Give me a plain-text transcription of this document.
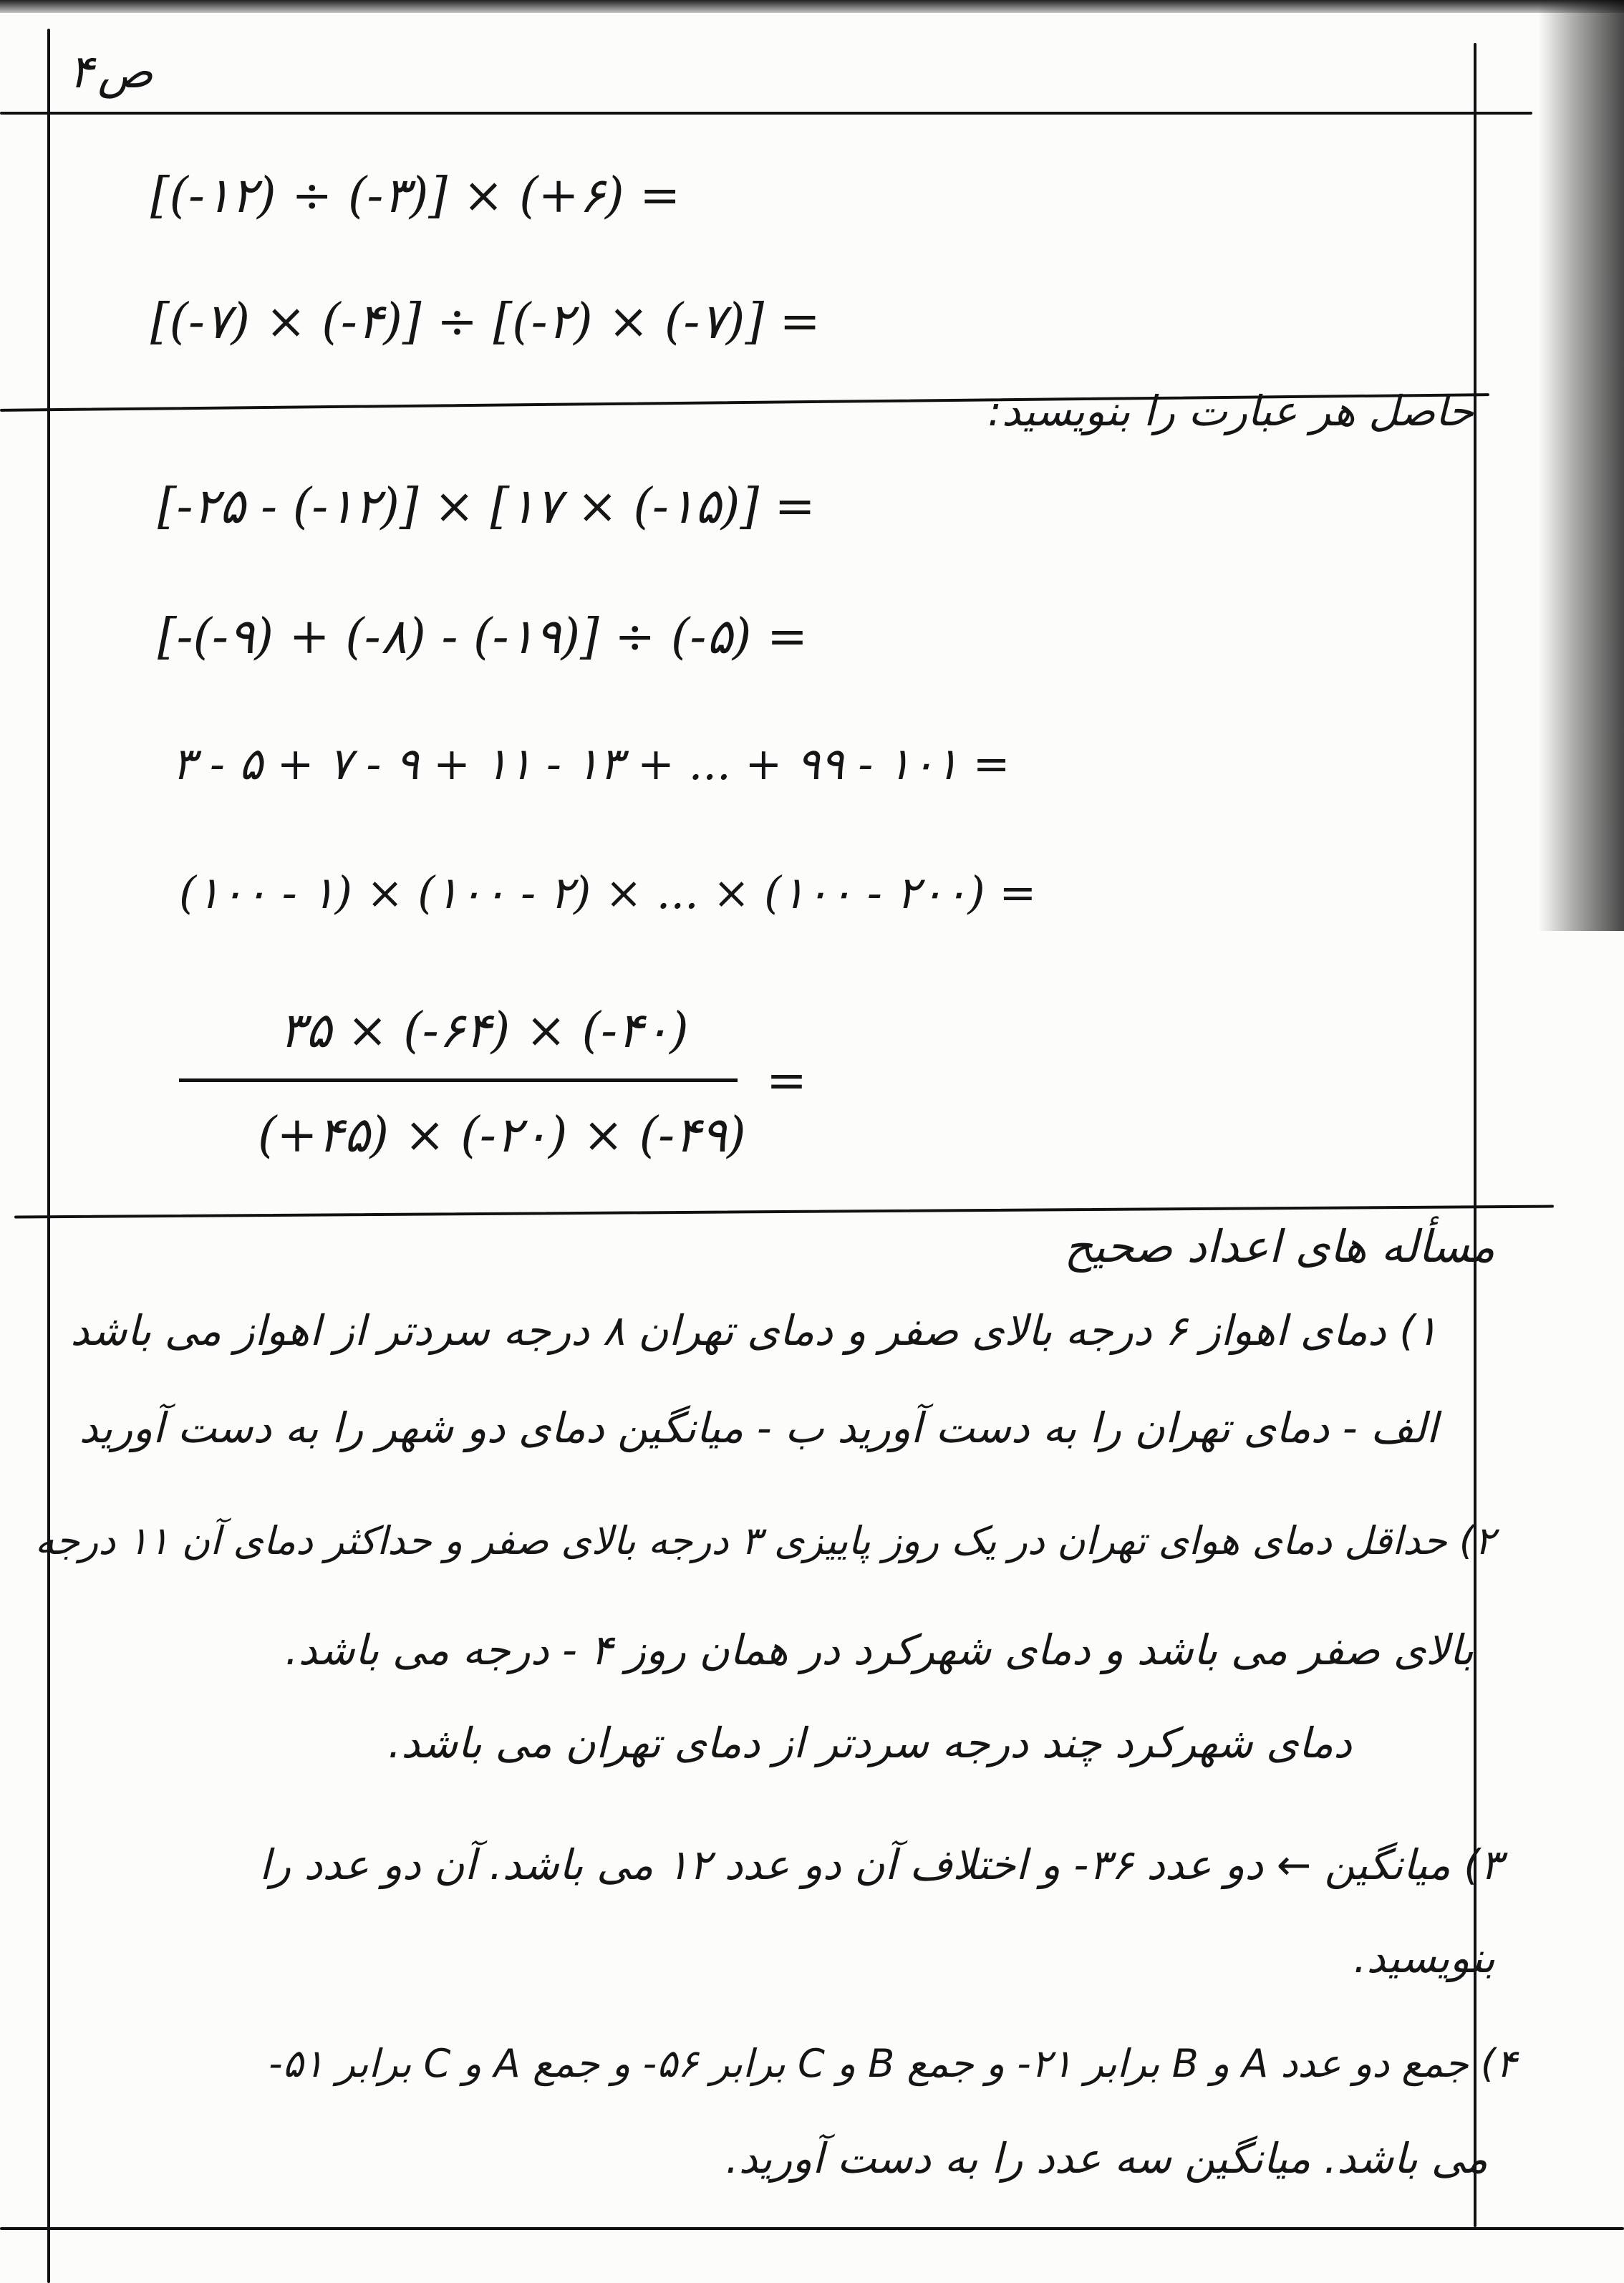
۴ص
[(-۱۲) ÷ (-۳)] × (+۶) =
[(-۷) × (-۴)] ÷ [(-۲) × (-۷)] =
حاصل هر عبارت را بنویسید:
[-۲۵ - (-۱۲)] × [۱۷ × (-۱۵)] =
[-(-۹) + (-۸) - (-۱۹)] ÷ (-۵) =
۳ - ۵ + ۷ - ۹ + ۱۱ - ۱۳ + ... + ۹۹ - ۱۰۱ =
(۱۰۰ - ۱) × (۱۰۰ - ۲) × ... × (۱۰۰ - ۲۰۰) =
۳۵ × (-۶۴) × (-۴۰)
(+۴۵) × (-۲۰) × (-۴۹)
=
مسأله های اعداد صحیح
۱) دمای اهواز ۶ درجه بالای صفر و دمای تهران ۸ درجه سردتر از اهواز می باشد
الف - دمای تهران را به دست آورید ب - میانگین دمای دو شهر را به دست آورید
۲) حداقل دمای هوای تهران در یک روز پاییزی ۳ درجه بالای صفر و حداکثر دمای آن ۱۱ درجه
بالای صفر می باشد و دمای شهرکرد در همان روز ۴ - درجه می باشد.
دمای شهرکرد چند درجه سردتر از دمای تهران می باشد.
۳) میانگین ← دو عدد ۳۶- و اختلاف آن دو عدد ۱۲ می باشد. آن دو عدد را
بنویسید.
۴) جمع دو عدد A و B برابر ۲۱- و جمع B و C برابر ۵۶- و جمع A و C برابر ۵۱-
می باشد. میانگین سه عدد را به دست آورید.
